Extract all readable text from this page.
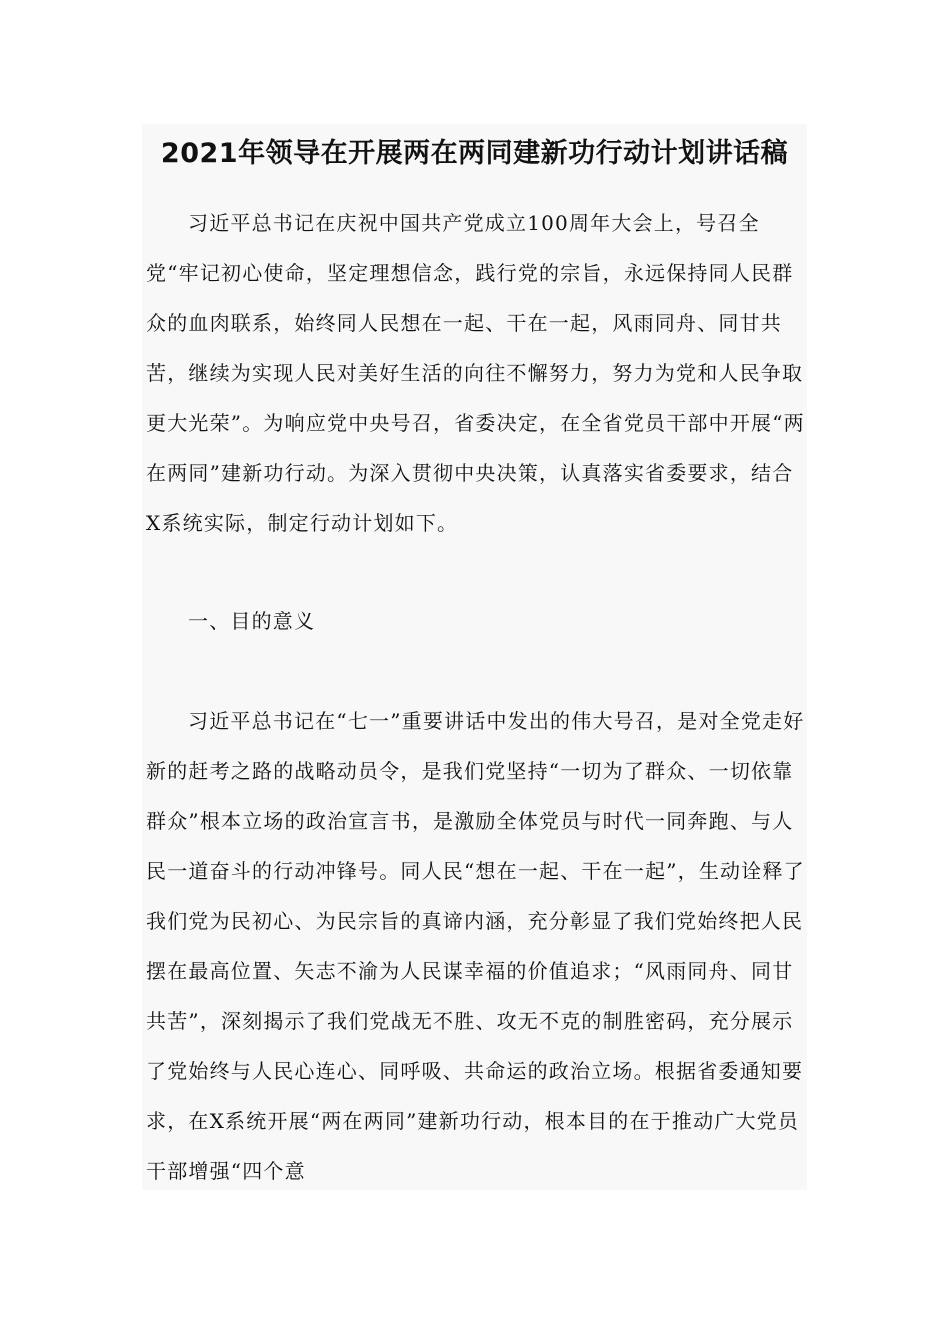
2021年领导在开展两在两同建新功行动计划讲话稿

习近平总书记在庆祝中国共产党成立100周年大会上，号召全党“牢记初心使命，坚定理想信念，践行党的宗旨，永远保持同人民群众的血肉联系，始终同人民想在一起、干在一起，风雨同舟、同甘共苦，继续为实现人民对美好生活的向往不懈努力，努力为党和人民争取更大光荣”。为响应党中央号召，省委决定，在全省党员干部中开展“两在两同”建新功行动。为深入贯彻中央决策，认真落实省委要求，结合X系统实际，制定行动计划如下。

一、目的意义

习近平总书记在“七一”重要讲话中发出的伟大号召，是对全党走好新的赶考之路的战略动员令，是我们党坚持“一切为了群众、一切依靠群众”根本立场的政治宣言书，是激励全体党员与时代一同奔跑、与人民一道奋斗的行动冲锋号。同人民“想在一起、干在一起”，生动诠释了我们党为民初心、为民宗旨的真谛内涵，充分彰显了我们党始终把人民摆在最高位置、矢志不渝为人民谋幸福的价值追求；“风雨同舟、同甘共苦”，深刻揭示了我们党战无不胜、攻无不克的制胜密码，充分展示了党始终与人民心连心、同呼吸、共命运的政治立场。根据省委通知要求，在X系统开展“两在两同”建新功行动，根本目的在于推动广大党员干部增强“四个意
